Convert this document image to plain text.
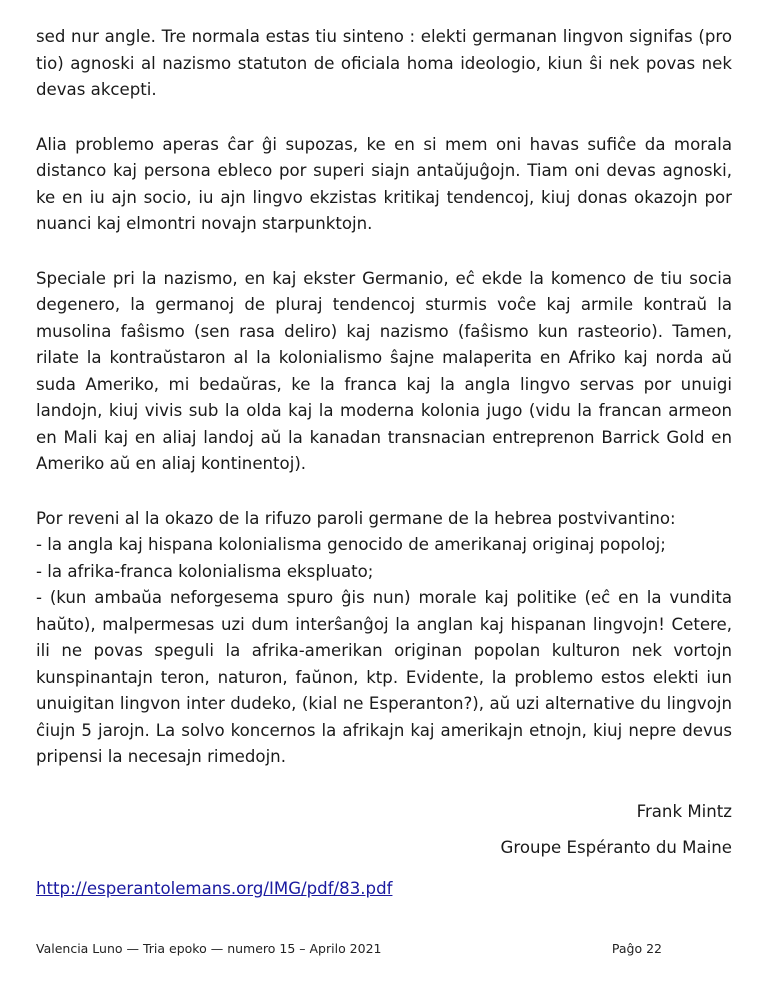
sed nur angle. Tre normala estas tiu sinteno : elekti germanan lingvon signifas (pro tio) agnoski al nazismo statuton de oficiala homa ideologio, kiun ŝi nek povas nek devas akcepti.

Alia problemo aperas ĉar ĝi supozas, ke en si mem oni havas sufiĉe da morala distanco kaj persona ebleco por superi siajn antaŭjuĝojn. Tiam oni devas agnoski, ke en iu ajn socio, iu ajn lingvo ekzistas kritikaj tendencoj, kiuj donas okazojn por nuanci kaj elmontri novajn starpunktojn.

Speciale pri la nazismo, en kaj ekster Germanio, eĉ ekde la komenco de tiu socia degenero, la germanoj de pluraj tendencoj sturmis voĉe kaj armile kontraŭ la musolina faŝismo (sen rasa deliro) kaj nazismo (faŝismo kun rasteorio). Tamen, rilate la kontraŭstaron al la kolonialismo ŝajne malaperita en Afriko kaj norda aŭ suda Ameriko, mi bedaŭras, ke la franca kaj la angla lingvo servas por unuigi landojn, kiuj vivis sub la olda kaj la moderna kolonia jugo (vidu la francan armeon en Mali kaj en aliaj landoj aŭ la kanadan transnacian entreprenon Barrick Gold en Ameriko aŭ en aliaj kontinentoj).

Por reveni al la okazo de la rifuzo paroli germane de la hebrea postvivantino:
- la angla kaj hispana kolonialisma genocido de amerikanaj originaj popoloj;
- la afrika-franca kolonialisma ekspluato;
- (kun ambaŭa neforgesema spuro ĝis nun) morale kaj politike (eĉ en la vundita haŭto), malpermesas uzi dum interŝanĝoj la anglan kaj hispanan lingvojn! Cetere, ili ne povas speguli la afrika-amerikan originan popolan kulturon nek vortojn kunspinantajn teron, naturon, faŭnon, ktp. Evidente, la problemo estos elekti iun unuigitan lingvon inter dudeko, (kial ne Esperanton?), aŭ uzi alternative du lingvojn ĉiujn 5 jarojn. La solvo koncernos la afrikajn kaj amerikajn etnojn, kiuj nepre devus pripensi la necesajn rimedojn.

Frank Mintz

Groupe Espéranto du Maine

http://esperantolemans.org/IMG/pdf/83.pdf
Valencia Luno — Tria epoko — numero 15 – Aprilo 2021	Paĝo 22
